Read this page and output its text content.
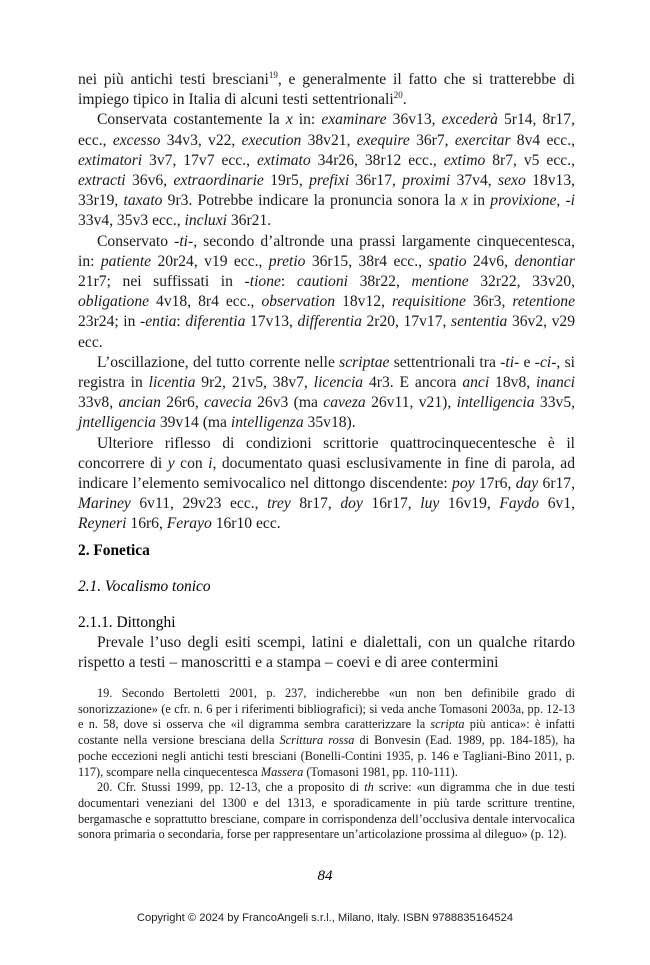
nei più antichi testi bresciani$^{19}$, e generalmente il fatto che si tratterebbe di impiego tipico in Italia di alcuni testi settentrionali$^{20}$.

Conservata costantemente la x in: examinare 36v13, excederà 5r14, 8r17, ecc., excesso 34v3, v22, execution 38v21, exequire 36r7, exercitar 8v4 ecc., extimatori 3v7, 17v7 ecc., extimato 34r26, 38r12 ecc., extimo 8r7, v5 ecc., extracti 36v6, extraordinarie 19r5, prefixi 36r17, proximi 37v4, sexo 18v13, 33r19, taxato 9r3. Potrebbe indicare la pronuncia sonora la x in provixione, -i 33v4, 35v3 ecc., incluxi 36r21.

Conservato -ti-, secondo d’altronde una prassi largamente cinquecentesca, in: patiente 20r24, v19 ecc., pretio 36r15, 38r4 ecc., spatio 24v6, denontiar 21r7; nei suffissati in -tione: cautioni 38r22, mentione 32r22, 33v20, obligatione 4v18, 8r4 ecc., observation 18v12, requisitione 36r3, retentione 23r24; in -entia: diferentia 17v13, differentia 2r20, 17v17, sententia 36v2, v29 ecc.

L’oscillazione, del tutto corrente nelle scriptae settentrionali tra -ti- e -ci-, si registra in licentia 9r2, 21v5, 38v7, licencia 4r3. E ancora anci 18v8, inanci 33v8, ancian 26r6, cavecia 26v3 (ma caveza 26v11, v21), intelligencia 33v5, jntelligencia 39v14 (ma intelligenza 35v18).

Ulteriore riflesso di condizioni scrittorie quattrocinquecentesche è il concorrere di y con i, documentato quasi esclusivamente in fine di parola, ad indicare l’elemento semivocalico nel dittongo discendente: poy 17r6, day 6r17, Mariney 6v11, 29v23 ecc., trey 8r17, doy 16r17, luy 16v19, Faydo 6v1, Reyneri 16r6, Ferayo 16r10 ecc.

2. Fonetica
2.1. Vocalismo tonico
2.1.1. Dittonghi

Prevale l’uso degli esiti scempi, latini e dialettali, con un qualche ritardo rispetto a testi – manoscritti e a stampa – coevi e di aree contermini

19. Secondo Bertoletti 2001, p. 237, indicherebbe «un non ben definibile grado di sonorizzazione» (e cfr. n. 6 per i riferimenti bibliografici); si veda anche Tomasoni 2003a, pp. 12-13 e n. 58, dove si osserva che «il digramma sembra caratterizzare la scripta più antica»: è infatti costante nella versione bresciana della Scrittura rossa di Bonvesin (Ead. 1989, pp. 184-185), ha poche eccezioni negli antichi testi bresciani (Bonelli-Contini 1935, p. 146 e Tagliani-Bino 2011, p. 117), scompare nella cinquecentesca Massera (Tomasoni 1981, pp. 110-111).

20. Cfr. Stussi 1999, pp. 12-13, che a proposito di th scrive: «un digramma che in due testi documentari veneziani del 1300 e del 1313, e sporadicamente in più tarde scritture trentine, bergamasche e soprattutto bresciane, compare in corrispondenza dell’occlusiva dentale intervocalica sonora primaria o secondaria, forse per rappresentare un’articolazione prossima al dileguo» (p. 12).

84
Copyright © 2024 by FrancoAngeli s.r.l., Milano, Italy. ISBN 9788835164524
